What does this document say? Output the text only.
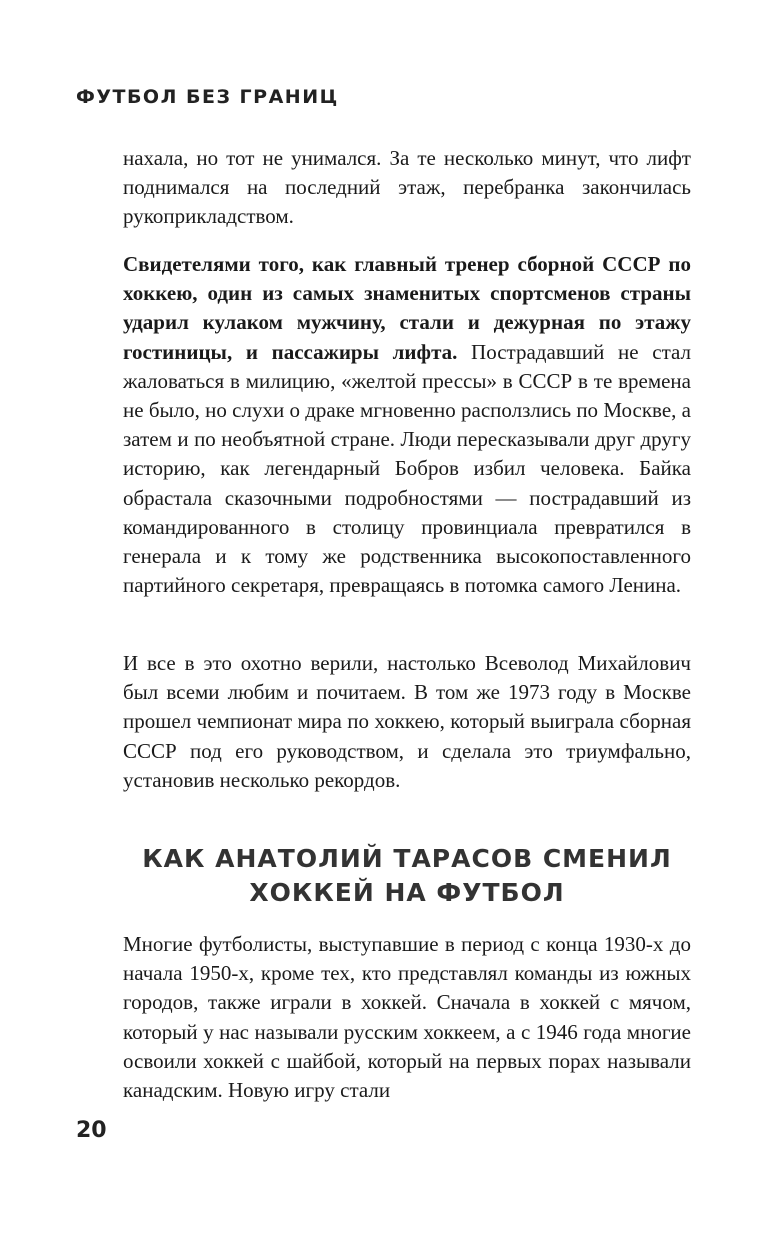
ФУТБОЛ БЕЗ ГРАНИЦ

нахала, но тот не унимался. За те несколько минут, что лифт поднимался на последний этаж, перебранка закончилась рукоприкладством.

Свидетелями того, как главный тренер сборной СССР по хоккею, один из самых знаменитых спортсменов страны ударил кулаком мужчину, стали и дежурная по этажу гостиницы, и пассажиры лифта. Пострадавший не стал жаловаться в милицию, «желтой прессы» в СССР в те времена не было, но слухи о драке мгновенно расползлись по Москве, а затем и по необъятной стране. Люди пересказывали друг другу историю, как легендарный Бобров избил человека. Байка обрастала сказочными подробностями — пострадавший из командированного в столицу провинциала превратился в генерала и к тому же родственника высокопоставленного партийного секретаря, превращаясь в потомка самого Ленина.

И все в это охотно верили, настолько Всеволод Михайлович был всеми любим и почитаем. В том же 1973 году в Москве прошел чемпионат мира по хоккею, который выиграла сборная СССР под его руководством, и сделала это триумфально, установив несколько рекордов.

КАК АНАТОЛИЙ ТАРАСОВ СМЕНИЛ
ХОККЕЙ НА ФУТБОЛ

Многие футболисты, выступавшие в период с конца 1930-х до начала 1950-х, кроме тех, кто представлял команды из южных городов, также играли в хоккей. Сначала в хоккей с мячом, который у нас называли русским хоккеем, а с 1946 года многие освоили хоккей с шайбой, который на первых порах называли канадским. Новую игру стали

20
